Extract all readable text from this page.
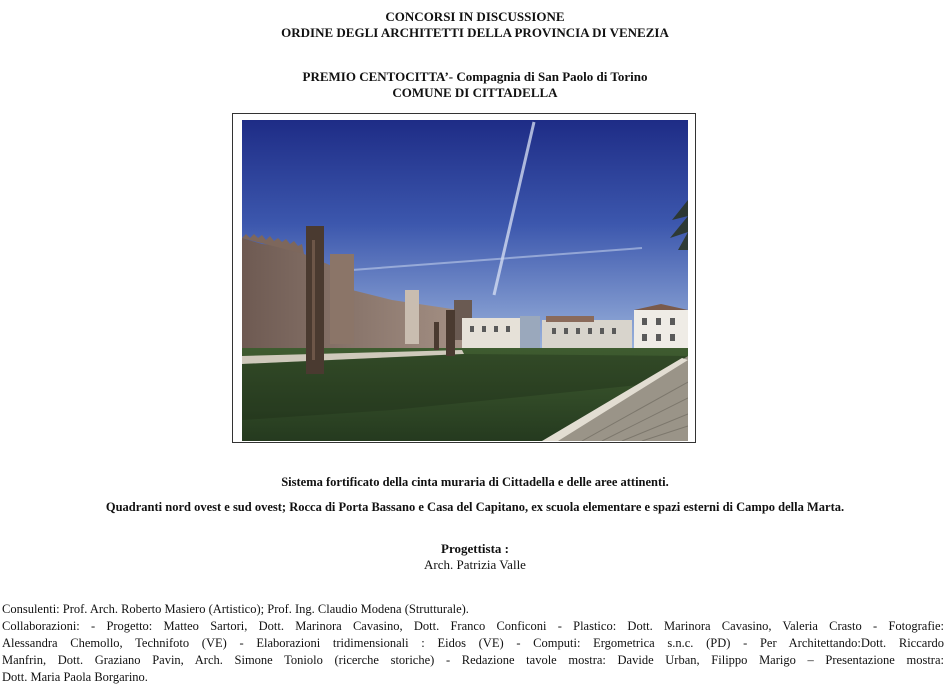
CONCORSI IN DISCUSSIONE
ORDINE DEGLI ARCHITETTI DELLA PROVINCIA DI VENEZIA
PREMIO CENTOCITTA’- Compagnia di San Paolo di Torino
COMUNE DI CITTADELLA
Sistema fortificato della cinta muraria di Cittadella e delle aree attinenti.
Quadranti nord ovest e sud ovest; Rocca di Porta Bassano e Casa del Capitano, ex scuola elementare e spazi esterni di Campo della Marta.
Progettista :
Arch. Patrizia Valle
Consulenti: Prof. Arch. Roberto Masiero (Artistico); Prof. Ing. Claudio Modena (Strutturale).
Collaborazioni: - Progetto: Matteo Sartori, Dott. Marinora Cavasino, Dott. Franco Conficoni - Plastico: Dott. Marinora Cavasino, Valeria Crasto - Fotografie:
Alessandra Chemollo, Technifoto (VE) - Elaborazioni tridimensionali : Eidos (VE) - Computi: Ergometrica s.n.c. (PD) - Per Architettando:Dott. Riccardo
Manfrin, Dott. Graziano Pavin, Arch. Simone Toniolo (ricerche storiche) - Redazione tavole mostra: Davide Urban, Filippo Marigo – Presentazione mostra:
Dott. Maria Paola Borgarino.
